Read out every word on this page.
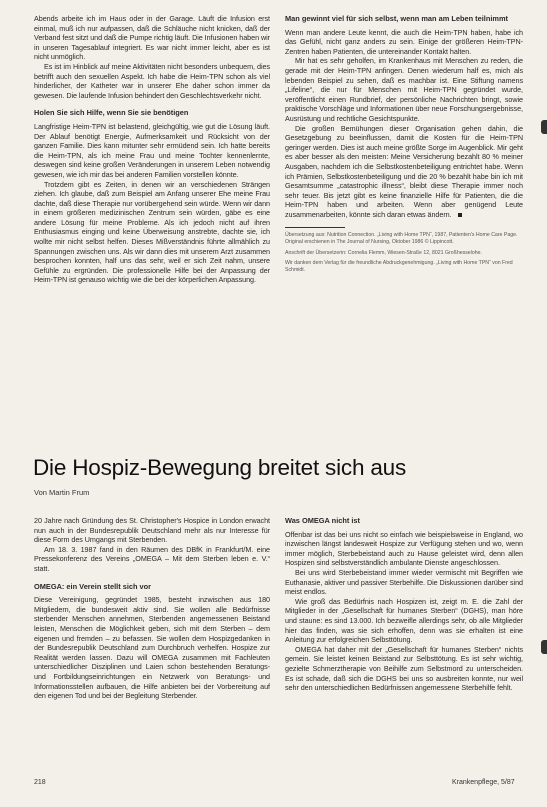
Abends arbeite ich im Haus oder in der Garage. Läuft die Infusion erst einmal, muß ich nur aufpassen, daß die Schläuche nicht knicken, daß der Verband fest sitzt und daß die Pumpe richtig läuft. Die Infusionen haben wir in unseren Tagesablauf integriert. Es war nicht immer leicht, aber es ist nicht unmöglich.
Es ist im Hinblick auf meine Aktivitäten nicht besonders unbequem, dies betrifft auch den sexuellen Aspekt. Ich habe die Heim-TPN schon als viel hinderlicher, der Katheter war in unserer Ehe daher schon immer da gewesen. Die laufende Infusion behindert den Geschlechtsverkehr nicht.
Holen Sie sich Hilfe, wenn Sie sie benötigen
Langfristige Heim-TPN ist belastend, gleichgültig, wie gut die Lösung läuft. Der Ablauf benötigt Energie, Aufmerksamkeit und Rücksicht von der ganzen Familie. Dies kann mitunter sehr ermüdend sein. Ich hatte bereits die Heim-TPN, als ich meine Frau und meine Tochter kennenlernte, deswegen sind keine großen Veränderungen in unserem Leben notwendig gewesen, wie ich mir das bei anderen Familien vorstellen könnte.
Trotzdem gibt es Zeiten, in denen wir an verschiedenen Strängen ziehen. Ich glaube, daß zum Beispiel am Anfang unserer Ehe meine Frau dachte, daß diese Therapie nur vorübergehend sein würde. Wenn wir dann in einem größeren medizinischen Zentrum sein würden, gäbe es eine andere Lösung für meine Probleme. Als ich jedoch nicht auf ihren Enthusiasmus einging und keine Überweisung anstrebte, dachte sie, ich wollte mir nicht selbst helfen. Dieses Mißverständnis führte allmählich zu Spannungen zwischen uns. Als wir dann dies mit unserem Arzt zusammen besprochen konnten, half uns das sehr, weil er sich Zeit nahm, unsere Gefühle zu ergründen. Die professionelle Hilfe bei der Anpassung der Heim-TPN ist genauso wichtig wie die bei der körperlichen Anpassung.
Man gewinnt viel für sich selbst, wenn man am Leben teilnimmt
Wenn man andere Leute kennt, die auch die Heim-TPN haben, habe ich das Gefühl, nicht ganz anders zu sein. Einige der größeren Heim-TPN-Zentren haben Patienten, die untereinander Kontakt halten.
Mir hat es sehr geholfen, im Krankenhaus mit Menschen zu reden, die gerade mit der Heim-TPN anfingen. Denen wiederum half es, mich als lebenden Beispiel zu sehen, daß es machbar ist. Eine Stiftung namens „Lifeline“, die nur für Menschen mit Heim-TPN gegründet wurde, veröffentlicht einen Rundbrief, der persönliche Nachrichten bringt, sowie praktische Vorschläge und Informationen über neue Forschungsergebnisse, Ausrüstung und rechtliche Gesichtspunkte.
Die großen Bemühungen dieser Organisation gehen dahin, die Gesetzgebung zu beeinflussen, damit die Kosten für die Heim-TPN geringer werden. Dies ist auch meine größte Sorge im Augenblick. Mir geht es aber besser als den meisten: Meine Versicherung bezahlt 80 % meiner Ausgaben, nachdem ich die Selbstkostenbeteiligung entrichtet habe. Wenn ich Prämien, Selbstkostenbeteiligung und die 20 % bezahlt habe bin ich mit Gesamtsumme „catastrophic illness“, bleibt diese Therapie immer noch sehr teuer. Bis jetzt gibt es keine finanzielle Hilfe für Patienten, die die Heim-TPN haben und arbeiten. Wenn aber genügend Leute zusammenarbeiten, könnte sich daran etwas ändern.
Übersetzung aus: Nutrition Connection. „Living with Home TPN“, 1987, Patienten's Home Care Page. Original erschienen in The Journal of Nursing, Oktober 1986 © Lippincott.
Anschrift der Übersetzerin: Cornelia Flemm, Wiesen-Straße 12, 8021 Großhesselohe.
Wir danken dem Verlag für die freundliche Abdruckgenehmigung. „Living with Home TPN“ von Fred Schmidt.
Die Hospiz-Bewegung breitet sich aus
Von Martin Frum
20 Jahre nach Gründung des St. Christopher's Hospice in London erwacht nun auch in der Bundesrepublik Deutschland mehr als nur Interesse für diese Form des Umgangs mit Sterbenden.
Am 18. 3. 1987 fand in den Räumen des DBfK in Frankfurt/M. eine Pressekonferenz des Vereins „OMEGA – Mit dem Sterben leben e. V.“ statt.
OMEGA: ein Verein stellt sich vor
Diese Vereinigung, gegründet 1985, besteht inzwischen aus 180 Mitgliedern, die bundesweit aktiv sind. Sie wollen alle Bedürfnisse sterbender Menschen annehmen, Sterbenden angemessenen Beistand leisten, Menschen die Möglichkeit geben, sich mit dem Sterben – dem eigenen und fremden – zu befassen. Sie wollen dem Hospizgedanken in der Bundesrepublik Deutschland zum Durchbruch verhelfen. Hospize zur Realität werden lassen. Dazu will OMEGA zusammen mit Fachleuten unterschiedlicher Disziplinen und Laien schon bestehenden Beratungs- und Fortbildungseinrichtungen ein Netzwerk von Beratungs- und Informationsstellen aufbauen, die Hilfe anbieten bei der Vorbereitung auf den eigenen Tod und bei der Begleitung Sterbender.
Was OMEGA nicht ist
Offenbar ist das bei uns nicht so einfach wie beispielsweise in England, wo inzwischen längst landesweit Hospize zur Verfügung stehen und wo, wenn immer möglich, Sterbebeistand auch zu Hause geleistet wird, denn allen Hospizen sind selbstverständlich ambulante Dienste angeschlossen.
Bei uns wird Sterbebeistand immer wieder vermischt mit Begriffen wie Euthanasie, aktiver und passiver Sterbehilfe. Die Diskussionen darüber sind meist endlos.
Wie groß das Bedürfnis nach Hospizen ist, zeigt m. E. die Zahl der Mitglieder in der „Gesellschaft für humanes Sterben“ (DGHS), man höre und staune: es sind 13.000. Ich bezweifle allerdings sehr, ob alle Mitglieder hier das finden, was sie sich erhoffen, denn was sie erhalten ist eine Anleitung zur erfolgreichen Selbsttötung.
OMEGA hat daher mit der „Gesellschaft für humanes Sterben“ nichts gemein. Sie leistet keinen Beistand zur Selbsttötung. Es ist sehr wichtig, gezielte Schmerztherapie von Beihilfe zum Selbstmord zu unterscheiden. Es ist schade, daß sich die DGHS bei uns so ausbreiten konnte, nur weil sehr den unterschiedlichen Bedürfnissen angemessene Sterbehilfe fehlt.
218	Krankenpflege, 5/87
